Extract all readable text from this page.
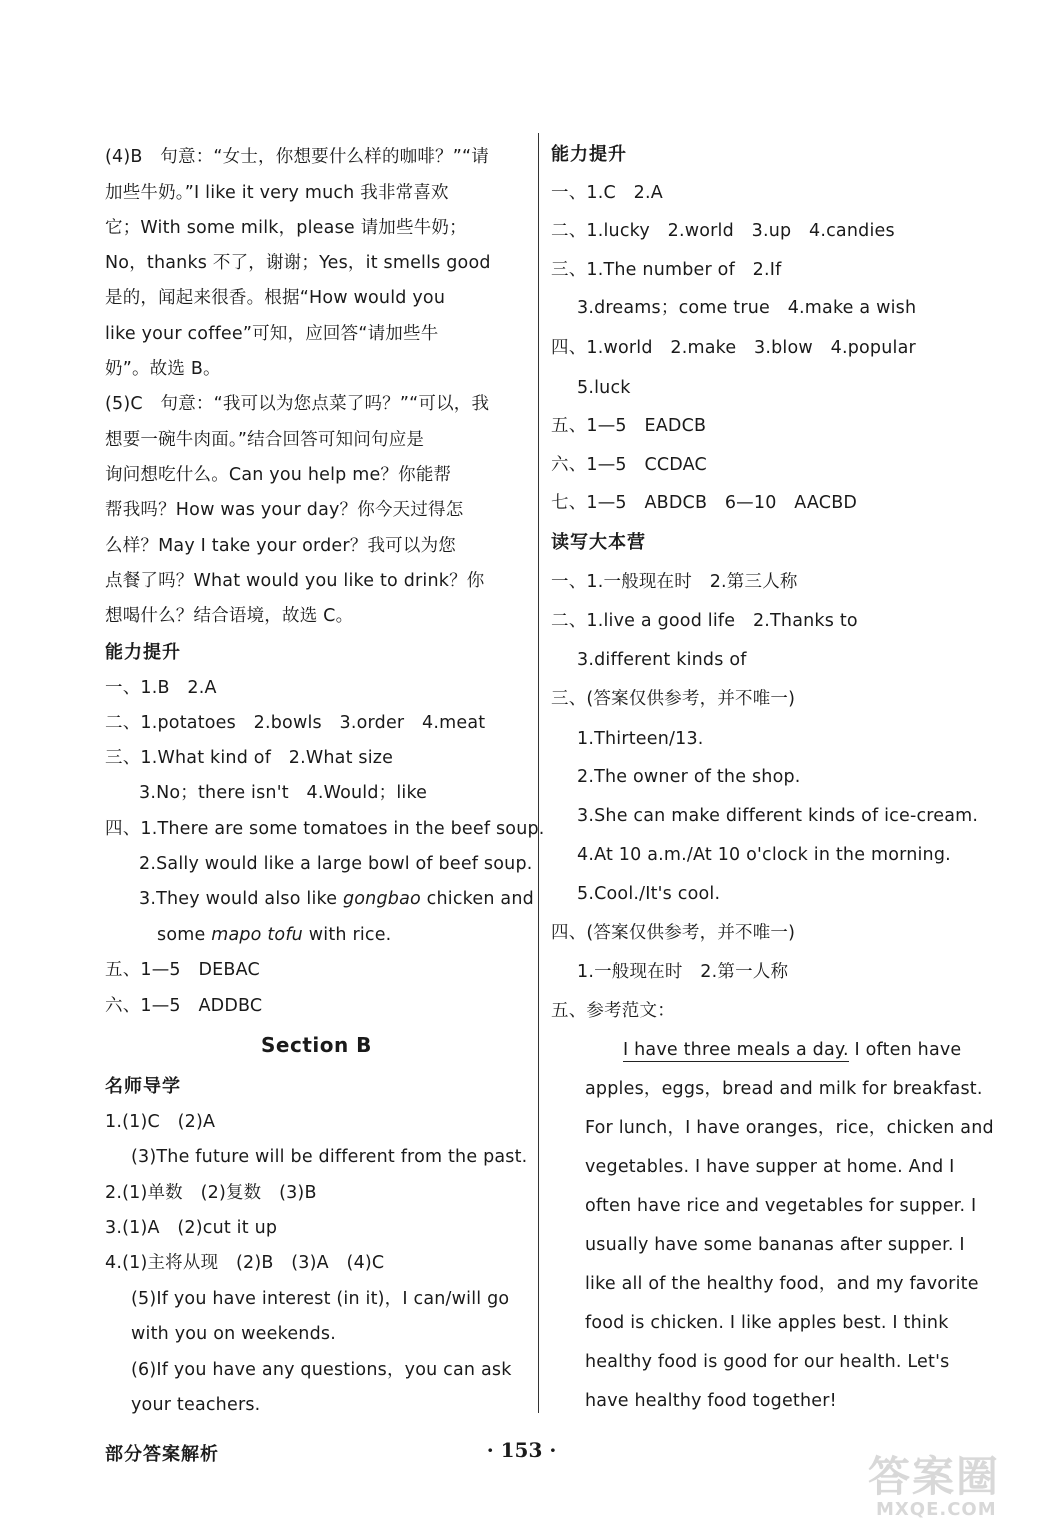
(4)B　句意：“女士，你想要什么样的咖啡？”“请
加些牛奶。”I like it very much 我非常喜欢
它；With some milk，please 请加些牛奶；
No，thanks 不了，谢谢；Yes，it smells good
是的，闻起来很香。根据“How would you
like your coffee”可知，应回答“请加些牛
奶”。故选 B。
(5)C　句意：“我可以为您点菜了吗？”“可以，我
想要一碗牛肉面。”结合回答可知问句应是
询问想吃什么。Can you help me？你能帮
帮我吗？How was your day？你今天过得怎
么样？May I take your order？我可以为您
点餐了吗？What would you like to drink？你
想喝什么？结合语境，故选 C。
能力提升
一、1.B　2.A
二、1.potatoes　2.bowls　3.order　4.meat
三、1.What kind of　2.What size
3.No；there isn't　4.Would；like
四、1.There are some tomatoes in the beef soup.
2.Sally would like a large bowl of beef soup.
3.They would also like gongbao chicken and
some mapo tofu with rice.
五、1—5　DEBAC
六、1—5　ADDBC
Section B
名师导学
1.(1)C　(2)A
(3)The future will be different from the past.
2.(1)单数　(2)复数　(3)B
3.(1)A　(2)cut it up
4.(1)主将从现　(2)B　(3)A　(4)C
(5)If you have interest (in it)，I can/will go
with you on weekends.
(6)If you have any questions，you can ask
your teachers.
能力提升
一、1.C　2.A
二、1.lucky　2.world　3.up　4.candies
三、1.The number of　2.If
3.dreams；come true　4.make a wish
四、1.world　2.make　3.blow　4.popular
5.luck
五、1—5　EADCB
六、1—5　CCDAC
七、1—5　ABDCB　6—10　AACBD
读写大本营
一、1.一般现在时　2.第三人称
二、1.live a good life　2.Thanks to
3.different kinds of
三、(答案仅供参考，并不唯一)
1.Thirteen/13.
2.The owner of the shop.
3.She can make different kinds of ice-cream.
4.At 10 a.m./At 10 o'clock in the morning.
5.Cool./It's cool.
四、(答案仅供参考，并不唯一)
1.一般现在时　2.第一人称
五、参考范文：
I have three meals a day. I often have
apples，eggs，bread and milk for breakfast.
For lunch，I have oranges，rice，chicken and
vegetables. I have supper at home. And I
often have rice and vegetables for supper. I
usually have some bananas after supper. I
like all of the healthy food，and my favorite
food is chicken. I like apples best. I think
healthy food is good for our health. Let's
have healthy food together!
部分答案解析	· 153 ·
答案圈
MXQE.COM
